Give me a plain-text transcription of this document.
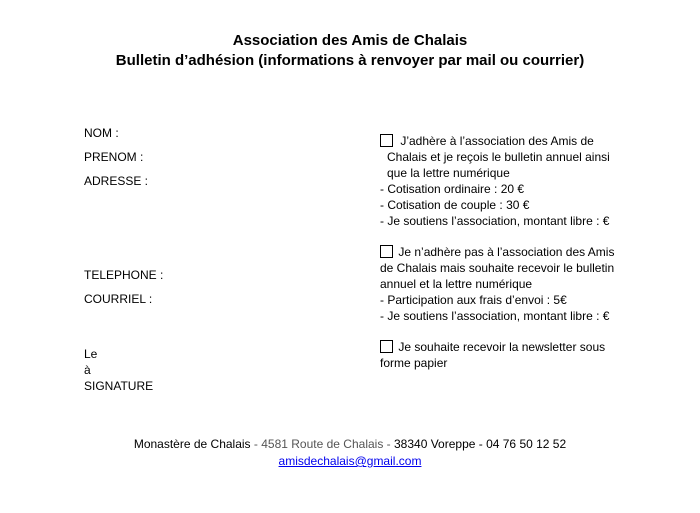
Association des Amis de Chalais
Bulletin d’adhésion (informations à renvoyer par mail ou courrier)
NOM :
PRENOM :
ADRESSE :
TELEPHONE :
COURRIEL :
Le
à
SIGNATURE
J’adhère à l’association des Amis de
Chalais et je reçois le bulletin annuel ainsi
que la lettre numérique
- Cotisation ordinaire : 20 €
- Cotisation de couple : 30 €
- Je soutiens l’association, montant libre : €
Je n’adhère pas à l’association des Amis
de Chalais mais souhaite recevoir le bulletin
annuel et la lettre numérique
- Participation aux frais d’envoi : 5€
- Je soutiens l’association, montant libre : €
Je souhaite recevoir la newsletter sous
forme papier
Monastère de Chalais - 4581 Route de Chalais - 38340 Voreppe - 04 76 50 12 52
amisdechalais@gmail.com
